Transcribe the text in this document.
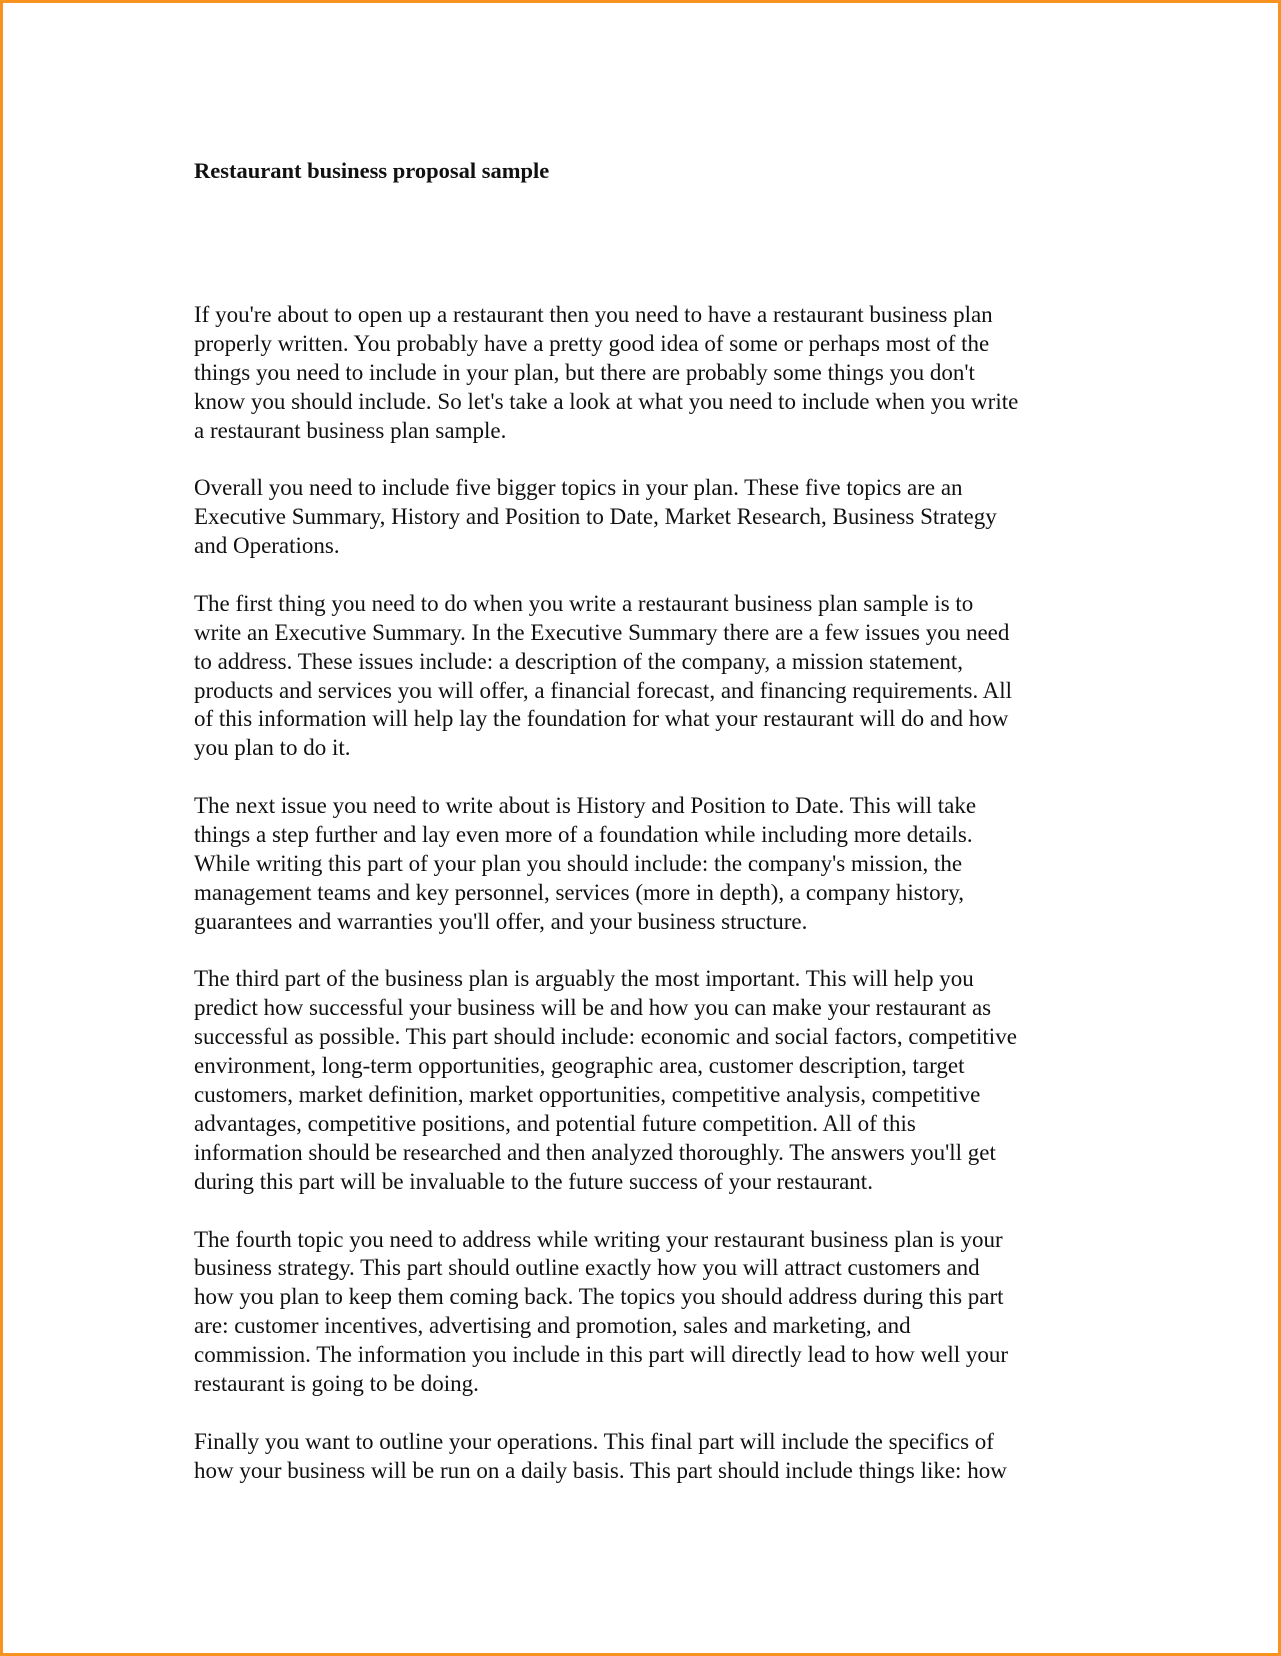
Restaurant business proposal sample

If you're about to open up a restaurant then you need to have a restaurant business plan
properly written. You probably have a pretty good idea of some or perhaps most of the
things you need to include in your plan, but there are probably some things you don't
know you should include. So let's take a look at what you need to include when you write
a restaurant business plan sample.

Overall you need to include five bigger topics in your plan. These five topics are an
Executive Summary, History and Position to Date, Market Research, Business Strategy
and Operations.

The first thing you need to do when you write a restaurant business plan sample is to
write an Executive Summary. In the Executive Summary there are a few issues you need
to address. These issues include: a description of the company, a mission statement,
products and services you will offer, a financial forecast, and financing requirements. All
of this information will help lay the foundation for what your restaurant will do and how
you plan to do it.

The next issue you need to write about is History and Position to Date. This will take
things a step further and lay even more of a foundation while including more details.
While writing this part of your plan you should include: the company's mission, the
management teams and key personnel, services (more in depth), a company history,
guarantees and warranties you'll offer, and your business structure.

The third part of the business plan is arguably the most important. This will help you
predict how successful your business will be and how you can make your restaurant as
successful as possible. This part should include: economic and social factors, competitive
environment, long-term opportunities, geographic area, customer description, target
customers, market definition, market opportunities, competitive analysis, competitive
advantages, competitive positions, and potential future competition. All of this
information should be researched and then analyzed thoroughly. The answers you'll get
during this part will be invaluable to the future success of your restaurant.

The fourth topic you need to address while writing your restaurant business plan is your
business strategy. This part should outline exactly how you will attract customers and
how you plan to keep them coming back. The topics you should address during this part
are: customer incentives, advertising and promotion, sales and marketing, and
commission. The information you include in this part will directly lead to how well your
restaurant is going to be doing.

Finally you want to outline your operations. This final part will include the specifics of
how your business will be run on a daily basis. This part should include things like: how
